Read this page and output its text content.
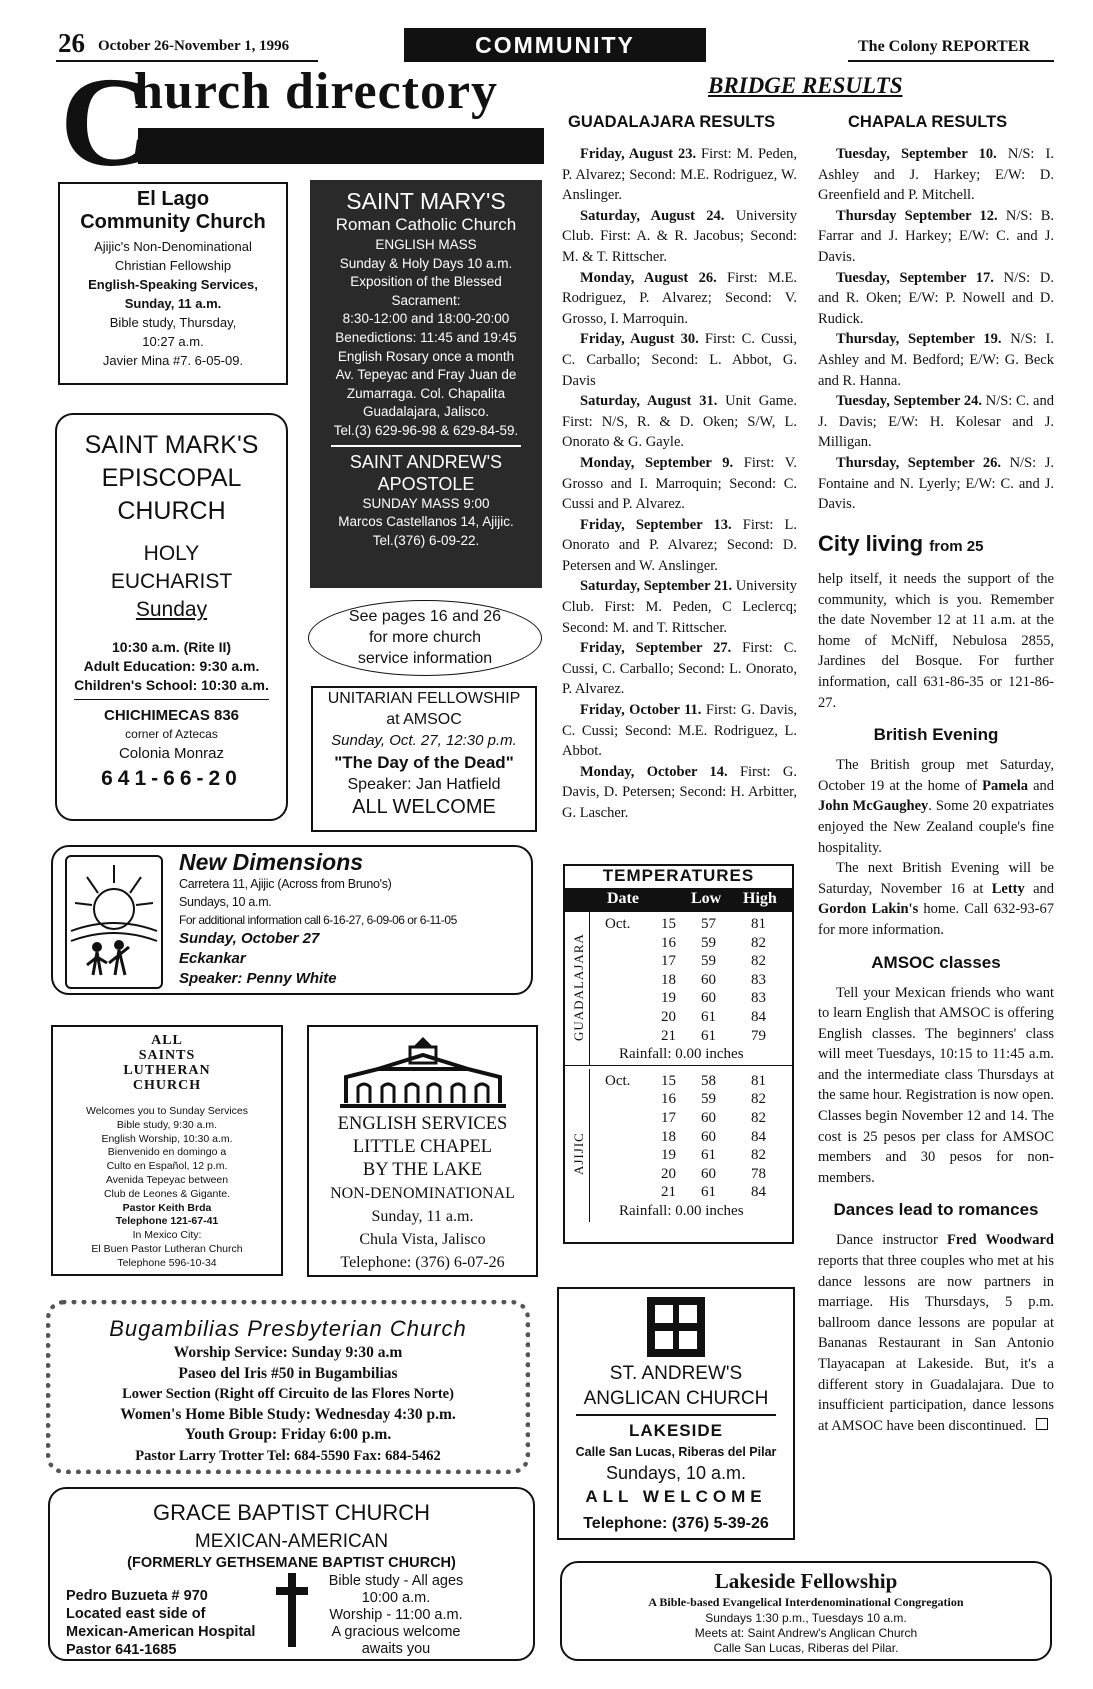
26 October 26-November 1, 1996	COMMUNITY	The Colony REPORTER
C
hurch directory
El Lago
Community Church
Ajijic's Non-Denominational
Christian Fellowship
English-Speaking Services,
Sunday, 11 a.m.
Bible study, Thursday,
10:27 a.m.
Javier Mina #7. 6-05-09.
SAINT MARY'S
Roman Catholic Church
ENGLISH MASS
Sunday & Holy Days 10 a.m.
Exposition of the Blessed
Sacrament:
8:30-12:00 and 18:00-20:00
Benedictions: 11:45 and 19:45
English Rosary once a month
Av. Tepeyac and Fray Juan de
Zumarraga. Col. Chapalita
Guadalajara, Jalisco.
Tel.(3) 629-96-98 & 629-84-59.
SAINT ANDREW'S
APOSTOLE
SUNDAY MASS 9:00
Marcos Castellanos 14, Ajijic.
Tel.(376) 6-09-22.
SAINT MARK'S
EPISCOPAL
CHURCH
HOLY
EUCHARIST
Sunday
10:30 a.m. (Rite II)
Adult Education: 9:30 a.m.
Children's School: 10:30 a.m.
CHICHIMECAS 836
corner of Aztecas
Colonia Monraz
641-66-20
See pages 16 and 26
for more church
service information
UNITARIAN FELLOWSHIP
at AMSOC
Sunday, Oct. 27, 12:30 p.m.
"The Day of the Dead"
Speaker: Jan Hatfield
ALL WELCOME
New Dimensions
Carretera 11, Ajijic (Across from Bruno's)
Sundays, 10 a.m.
For additional information call 6-16-27, 6-09-06 or 6-11-05
Sunday, October 27
Eckankar
Speaker: Penny White
ALL
SAINTS
LUTHERAN
CHURCH
Welcomes you to Sunday Services
Bible study, 9:30 a.m.
English Worship, 10:30 a.m.
Bienvenido en domingo a
Culto en Español, 12 p.m.
Avenida Tepeyac between
Club de Leones & Gigante.
Pastor Keith Brda
Telephone 121-67-41
In Mexico City:
El Buen Pastor Lutheran Church
Telephone 596-10-34
ENGLISH SERVICES
LITTLE CHAPEL
BY THE LAKE
NON-DENOMINATIONAL
Sunday, 11 a.m.
Chula Vista, Jalisco
Telephone: (376) 6-07-26
Bugambilias Presbyterian Church
Worship Service: Sunday 9:30 a.m
Paseo del Iris #50 in Bugambilias
Lower Section (Right off Circuito de las Flores Norte)
Women's Home Bible Study: Wednesday 4:30 p.m.
Youth Group: Friday 6:00 p.m.
Pastor Larry Trotter Tel: 684-5590 Fax: 684-5462
GRACE BAPTIST CHURCH
MEXICAN-AMERICAN
(FORMERLY GETHSEMANE BAPTIST CHURCH)
Pedro Buzueta # 970
Located east side of
Mexican-American Hospital
Pastor 641-1685
Bible study - All ages
10:00 a.m.
Worship - 11:00 a.m.
A gracious welcome
awaits you
BRIDGE RESULTS
GUADALAJARA RESULTS	CHAPALA RESULTS
Friday, August 23. First: M. Peden, P. Alvarez; Second: M.E. Rodriguez, W. Anslinger.
Saturday, August 24. University Club. First: A. & R. Jacobus; Second: M. & T. Rittscher.
Monday, August 26. First: M.E. Rodriguez, P. Alvarez; Second: V. Grosso, I. Marroquin.
Friday, August 30. First: C. Cussi, C. Carballo; Second: L. Abbot, G. Davis
Saturday, August 31. Unit Game. First: N/S, R. & D. Oken; S/W, L. Onorato & G. Gayle.
Monday, September 9. First: V. Grosso and I. Marroquin; Second: C. Cussi and P. Alvarez.
Friday, September 13. First: L. Onorato and P. Alvarez; Second: D. Petersen and W. Anslinger.
Saturday, September 21. University Club. First: M. Peden, C Leclercq; Second: M. and T. Rittscher.
Friday, September 27. First: C. Cussi, C. Carballo; Second: L. Onorato, P. Alvarez.
Friday, October 11. First: G. Davis, C. Cussi; Second: M.E. Rodriguez, L. Abbot.
Monday, October 14. First: G. Davis, D. Petersen; Second: H. Arbitter, G. Lascher.
Tuesday, September 10. N/S: I. Ashley and J. Harkey; E/W: D. Greenfield and P. Mitchell.
Thursday September 12. N/S: B. Farrar and J. Harkey; E/W: C. and J. Davis.
Tuesday, September 17. N/S: D. and R. Oken; E/W: P. Nowell and D. Rudick.
Thursday, September 19. N/S: I. Ashley and M. Bedford; E/W: G. Beck and R. Hanna.
Tuesday, September 24. N/S: C. and J. Davis; E/W: H. Kolesar and J. Milligan.
Thursday, September 26. N/S: J. Fontaine and N. Lyerly; E/W: C. and J. Davis.
TEMPERATURES
Date	Low High
GUADALAJARA
Oct. 15 57 81
16 59 82
17 59 82
18 60 83
19 60 83
20 61 84
21 61 79
Rainfall: 0.00 inches
AJIJIC
Oct. 15 58 81
16 59 82
17 60 82
18 60 84
19 61 82
20 60 78
21 61 84
Rainfall: 0.00 inches
ST. ANDREW'S
ANGLICAN CHURCH
LAKESIDE
Calle San Lucas, Riberas del Pilar
Sundays, 10 a.m.
ALL WELCOME
Telephone: (376) 5-39-26
Lakeside Fellowship
A Bible-based Evangelical Interdenominational Congregation
Sundays 1:30 p.m., Tuesdays 10 a.m.
Meets at: Saint Andrew's Anglican Church
Calle San Lucas, Riberas del Pilar.
City living from 25
help itself, it needs the support of the community, which is you. Remember the date November 12 at 11 a.m. at the home of McNiff, Nebulosa 2855, Jardines del Bosque. For further information, call 631-86-35 or 121-86-27.
British Evening
The British group met Saturday, October 19 at the home of Pamela and John McGaughey. Some 20 expatriates enjoyed the New Zealand couple's fine hospitality.
The next British Evening will be Saturday, November 16 at Letty and Gordon Lakin's home. Call 632-93-67 for more information.
AMSOC classes
Tell your Mexican friends who want to learn English that AMSOC is offering English classes. The beginners' class will meet Tuesdays, 10:15 to 11:45 a.m. and the intermediate class Thursdays at the same hour. Registration is now open. Classes begin November 12 and 14. The cost is 25 pesos per class for AMSOC members and 30 pesos for non-members.
Dances lead to romances
Dance instructor Fred Woodward reports that three couples who met at his dance lessons are now partners in marriage. His Thursdays, 5 p.m. ballroom dance lessons are popular at Bananas Restaurant in San Antonio Tlayacapan at Lakeside. But, it's a different story in Guadalajara. Due to insufficient participation, dance lessons at AMSOC have been discontinued.
